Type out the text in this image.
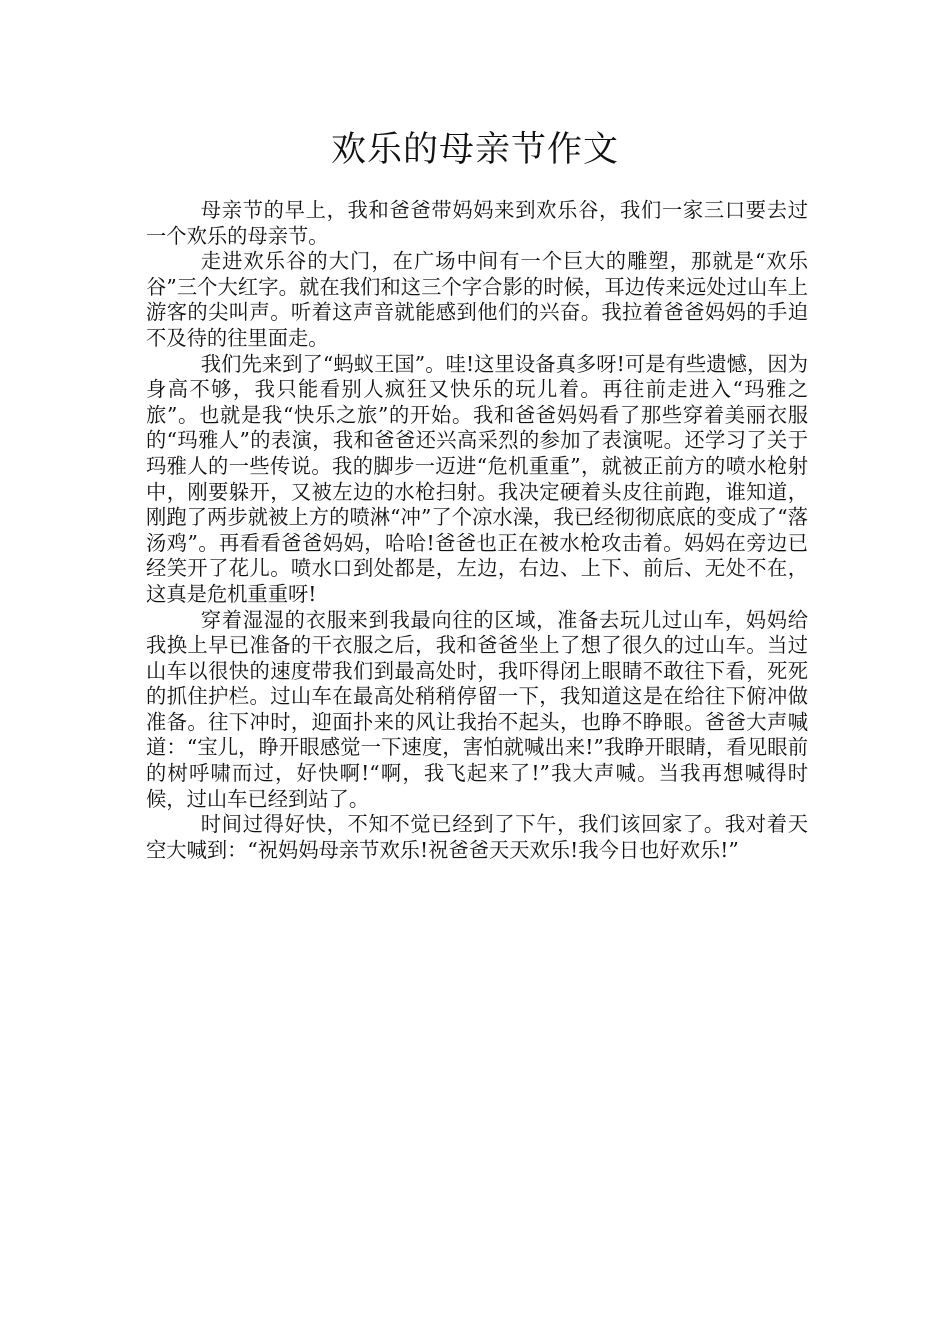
欢乐的母亲节作文

母亲节的早上，我和爸爸带妈妈来到欢乐谷，我们一家三口要去过一个欢乐的母亲节。

走进欢乐谷的大门，在广场中间有一个巨大的雕塑，那就是“欢乐谷”三个大红字。就在我们和这三个字合影的时候，耳边传来远处过山车上游客的尖叫声。听着这声音就能感到他们的兴奋。我拉着爸爸妈妈的手迫不及待的往里面走。

我们先来到了“蚂蚁王国”。哇!这里设备真多呀!可是有些遗憾，因为身高不够，我只能看别人疯狂又快乐的玩儿着。再往前走进入“玛雅之旅”。也就是我“快乐之旅”的开始。我和爸爸妈妈看了那些穿着美丽衣服的“玛雅人”的表演，我和爸爸还兴高采烈的参加了表演呢。还学习了关于玛雅人的一些传说。我的脚步一迈进“危机重重”，就被正前方的喷水枪射中，刚要躲开，又被左边的水枪扫射。我决定硬着头皮往前跑，谁知道，刚跑了两步就被上方的喷淋“冲”了个凉水澡，我已经彻彻底底的变成了“落汤鸡”。再看看爸爸妈妈，哈哈!爸爸也正在被水枪攻击着。妈妈在旁边已经笑开了花儿。喷水口到处都是，左边，右边、上下、前后、无处不在，这真是危机重重呀!

穿着湿湿的衣服来到我最向往的区域，准备去玩儿过山车，妈妈给我换上早已准备的干衣服之后，我和爸爸坐上了想了很久的过山车。当过山车以很快的速度带我们到最高处时，我吓得闭上眼睛不敢往下看，死死的抓住护栏。过山车在最高处稍稍停留一下，我知道这是在给往下俯冲做准备。往下冲时，迎面扑来的风让我抬不起头，也睁不睁眼。爸爸大声喊道：“宝儿，睁开眼感觉一下速度，害怕就喊出来!”我睁开眼睛，看见眼前的树呼啸而过，好快啊!“啊，我飞起来了!”我大声喊。当我再想喊得时候，过山车已经到站了。

时间过得好快，不知不觉已经到了下午，我们该回家了。我对着天空大喊到：“祝妈妈母亲节欢乐!祝爸爸天天欢乐!我今日也好欢乐!”
